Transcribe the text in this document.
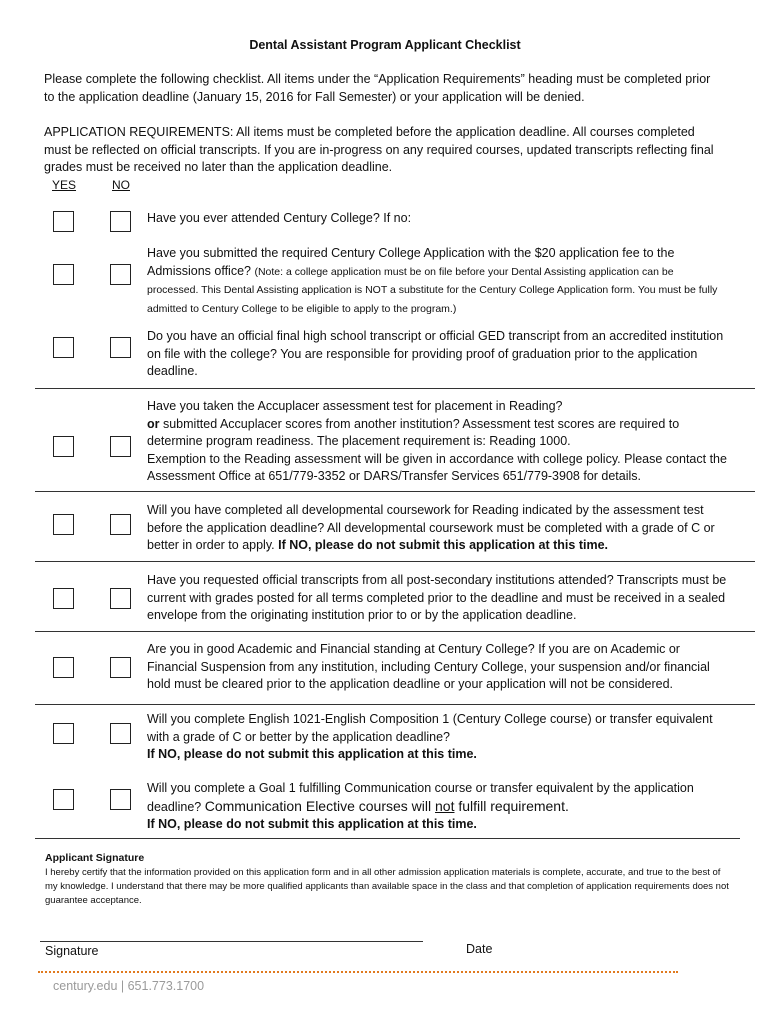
Dental Assistant Program Applicant Checklist
Please complete the following checklist. All items under the “Application Requirements” heading must be completed prior to the application deadline (January 15, 2016 for Fall Semester) or your application will be denied.
APPLICATION REQUIREMENTS: All items must be completed before the application deadline. All courses completed must be reflected on official transcripts. If you are in-progress on any required courses, updated transcripts reflecting final grades must be received no later than the application deadline.
YES	NO
Have you ever attended Century College? If no:
Have you submitted the required Century College Application with the $20 application fee to the Admissions office? (Note: a college application must be on file before your Dental Assisting application can be processed. This Dental Assisting application is NOT a substitute for the Century College Application form. You must be fully admitted to Century College to be eligible to apply to the program.)
Do you have an official final high school transcript or official GED transcript from an accredited institution on file with the college? You are responsible for providing proof of graduation prior to the application deadline.
Have you taken the Accuplacer assessment test for placement in Reading?
or submitted Accuplacer scores from another institution? Assessment test scores are required to determine program readiness. The placement requirement is: Reading 1000.
Exemption to the Reading assessment will be given in accordance with college policy. Please contact the Assessment Office at 651/779-3352 or DARS/Transfer Services 651/779-3908 for details.
Will you have completed all developmental coursework for Reading indicated by the assessment test before the application deadline? All developmental coursework must be completed with a grade of C or better in order to apply. If NO, please do not submit this application at this time.
Have you requested official transcripts from all post-secondary institutions attended? Transcripts must be current with grades posted for all terms completed prior to the deadline and must be received in a sealed envelope from the originating institution prior to or by the application deadline.
Are you in good Academic and Financial standing at Century College? If you are on Academic or Financial Suspension from any institution, including Century College, your suspension and/or financial hold must be cleared prior to the application deadline or your application will not be considered.
Will you complete English 1021-English Composition 1 (Century College course) or transfer equivalent with a grade of C or better by the application deadline?
If NO, please do not submit this application at this time.
Will you complete a Goal 1 fulfilling Communication course or transfer equivalent by the application deadline? Communication Elective courses will not fulfill requirement.
If NO, please do not submit this application at this time.
Applicant Signature
I hereby certify that the information provided on this application form and in all other admission application materials is complete, accurate, and true to the best of my knowledge. I understand that there may be more qualified applicants than available space in the class and that completion of application requirements does not guarantee acceptance.
Signature	Date
century.edu | 651.773.1700
